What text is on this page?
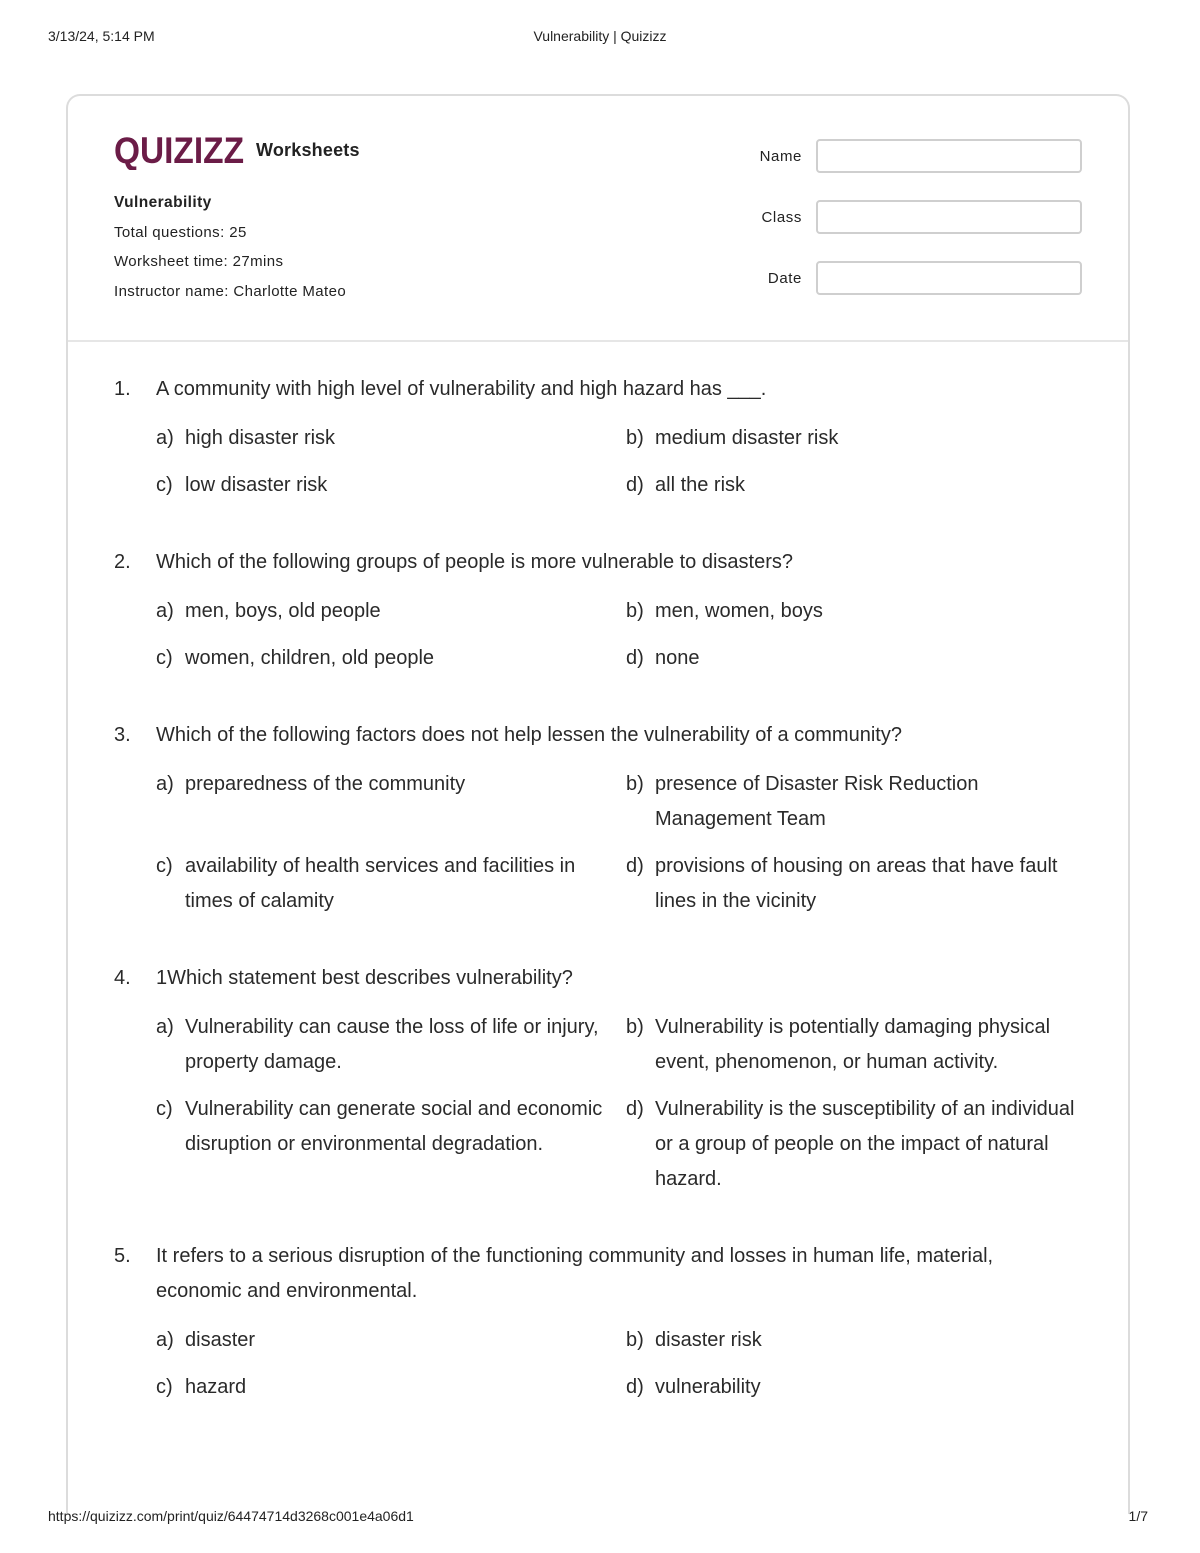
3/13/24, 5:14 PM	Vulnerability | Quizizz
QUIZIZZ Worksheets
Vulnerability
Total questions: 25
Worksheet time: 27mins
Instructor name: Charlotte Mateo
Name
Class
Date
1.	A community with high level of vulnerability and high hazard has ___.
a) high disaster risk	b) medium disaster risk
c) low disaster risk	d) all the risk
2.	Which of the following groups of people is more vulnerable to disasters?
a) men, boys, old people	b) men, women, boys
c) women, children, old people	d) none
3.	Which of the following factors does not help lessen the vulnerability of a community?
a) preparedness of the community	b) presence of Disaster Risk Reduction Management Team
c) availability of health services and facilities in times of calamity
d) provisions of housing on areas that have fault lines in the vicinity
4.	1Which statement best describes vulnerability?
a) Vulnerability can cause the loss of life or injury, property damage.
b) Vulnerability is potentially damaging physical event, phenomenon, or human activity.
c) Vulnerability can generate social and economic disruption or environmental degradation.
d) Vulnerability is the susceptibility of an individual or a group of people on the impact of natural hazard.
5.	It refers to a serious disruption of the functioning community and losses in human life, material, economic and environmental.
a) disaster	b) disaster risk
c) hazard	d) vulnerability
https://quizizz.com/print/quiz/64474714d3268c001e4a06d1	1/7
